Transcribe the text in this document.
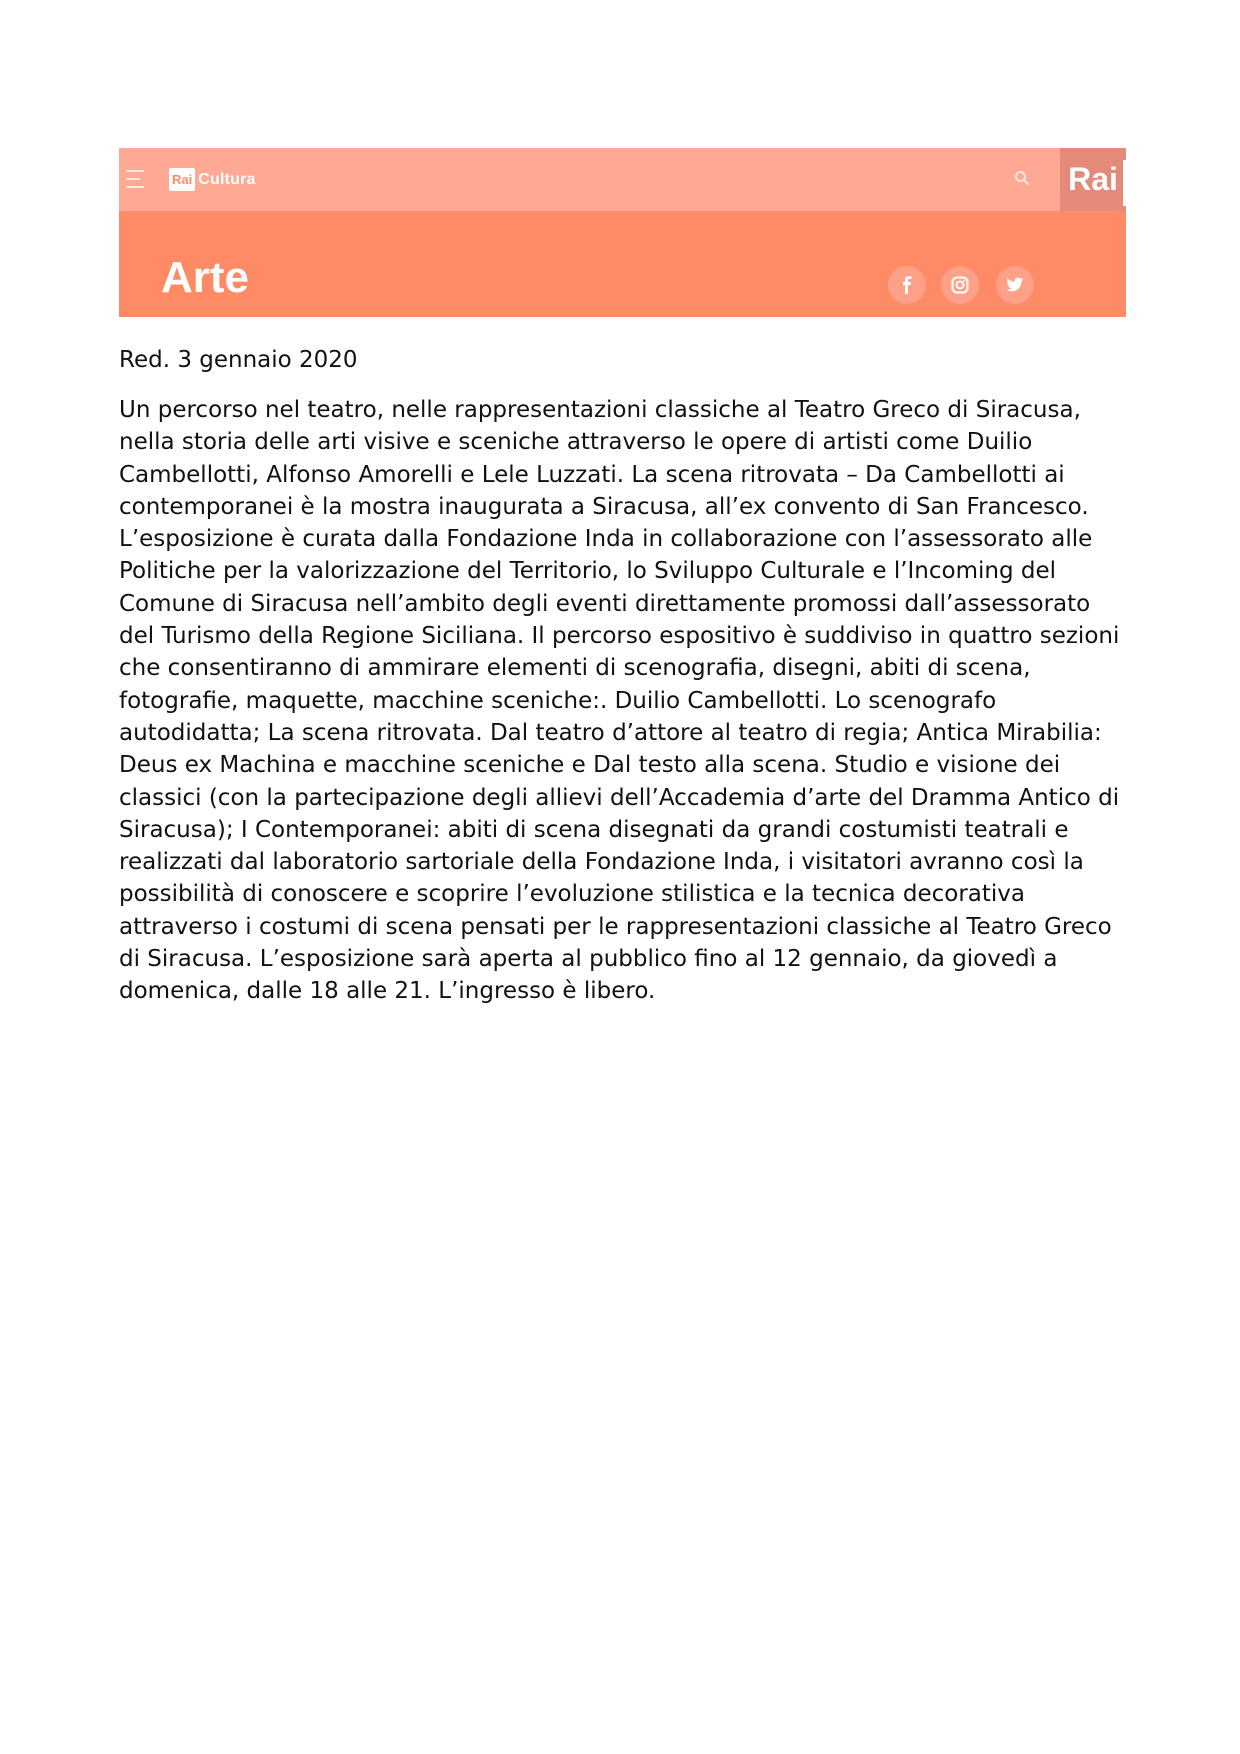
Rai Cultura	Rai
Arte

Red. 3 gennaio 2020

Un percorso nel teatro, nelle rappresentazioni classiche al Teatro Greco di Siracusa, nella storia delle arti visive e sceniche attraverso le opere di artisti come Duilio Cambellotti, Alfonso Amorelli e Lele Luzzati. La scena ritrovata – Da Cambellotti ai contemporanei è la mostra inaugurata a Siracusa, all’ex convento di San Francesco. L’esposizione è curata dalla Fondazione Inda in collaborazione con l’assessorato alle Politiche per la valorizzazione del Territorio, lo Sviluppo Culturale e l’Incoming del Comune di Siracusa nell’ambito degli eventi direttamente promossi dall’assessorato del Turismo della Regione Siciliana. Il percorso espositivo è suddiviso in quattro sezioni che consentiranno di ammirare elementi di scenografia, disegni, abiti di scena, fotografie, maquette, macchine sceniche:. Duilio Cambellotti. Lo scenografo autodidatta; La scena ritrovata. Dal teatro d’attore al teatro di regia; Antica Mirabilia: Deus ex Machina e macchine sceniche e Dal testo alla scena. Studio e visione dei classici (con la partecipazione degli allievi dell’Accademia d’arte del Dramma Antico di Siracusa); I Contemporanei: abiti di scena disegnati da grandi costumisti teatrali e realizzati dal laboratorio sartoriale della Fondazione Inda, i visitatori avranno così la possibilità di conoscere e scoprire l’evoluzione stilistica e la tecnica decorativa attraverso i costumi di scena pensati per le rappresentazioni classiche al Teatro Greco di Siracusa. L’esposizione sarà aperta al pubblico fino al 12 gennaio, da giovedì a domenica, dalle 18 alle 21. L’ingresso è libero.
